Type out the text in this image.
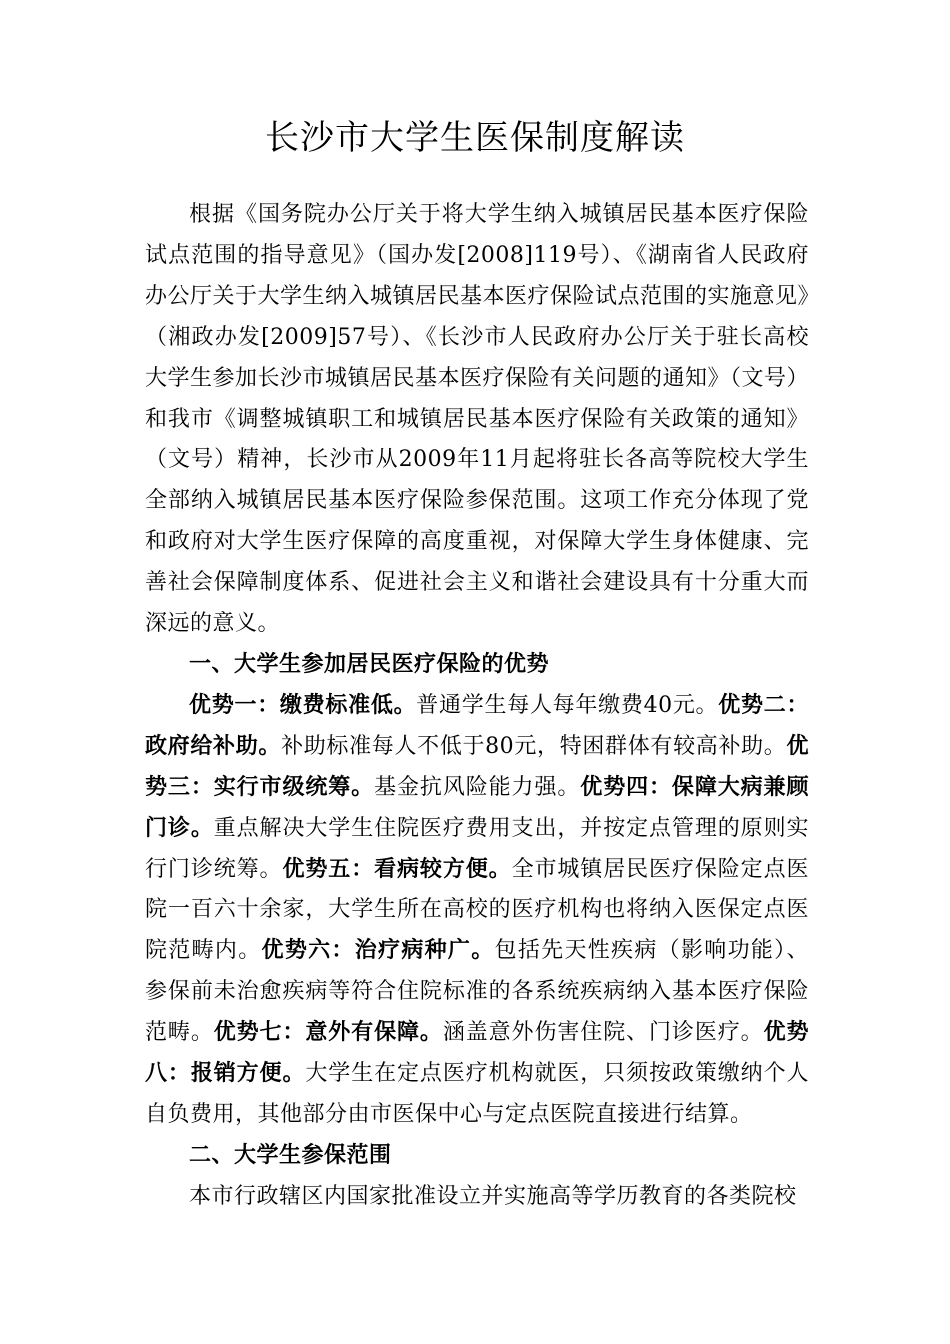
长沙市大学生医保制度解读

根据《国务院办公厅关于将大学生纳入城镇居民基本医疗保险试点范围的指导意见》（国办发[2008]119号）、《湖南省人民政府办公厅关于大学生纳入城镇居民基本医疗保险试点范围的实施意见》（湘政办发[2009]57号）、《长沙市人民政府办公厅关于驻长高校大学生参加长沙市城镇居民基本医疗保险有关问题的通知》（文号）和我市《调整城镇职工和城镇居民基本医疗保险有关政策的通知》（文号）精神，长沙市从2009年11月起将驻长各高等院校大学生全部纳入城镇居民基本医疗保险参保范围。这项工作充分体现了党和政府对大学生医疗保障的高度重视，对保障大学生身体健康、完善社会保障制度体系、促进社会主义和谐社会建设具有十分重大而深远的意义。

一、大学生参加居民医疗保险的优势

优势一：缴费标准低。普通学生每人每年缴费40元。优势二：政府给补助。补助标准每人不低于80元，特困群体有较高补助。优势三：实行市级统筹。基金抗风险能力强。优势四：保障大病兼顾门诊。重点解决大学生住院医疗费用支出，并按定点管理的原则实行门诊统筹。优势五：看病较方便。全市城镇居民医疗保险定点医院一百六十余家，大学生所在高校的医疗机构也将纳入医保定点医院范畴内。优势六：治疗病种广。包括先天性疾病（影响功能）、参保前未治愈疾病等符合住院标准的各系统疾病纳入基本医疗保险范畴。优势七：意外有保障。涵盖意外伤害住院、门诊医疗。优势八：报销方便。大学生在定点医疗机构就医，只须按政策缴纳个人自负费用，其他部分由市医保中心与定点医院直接进行结算。

二、大学生参保范围

本市行政辖区内国家批准设立并实施高等学历教育的各类院校
